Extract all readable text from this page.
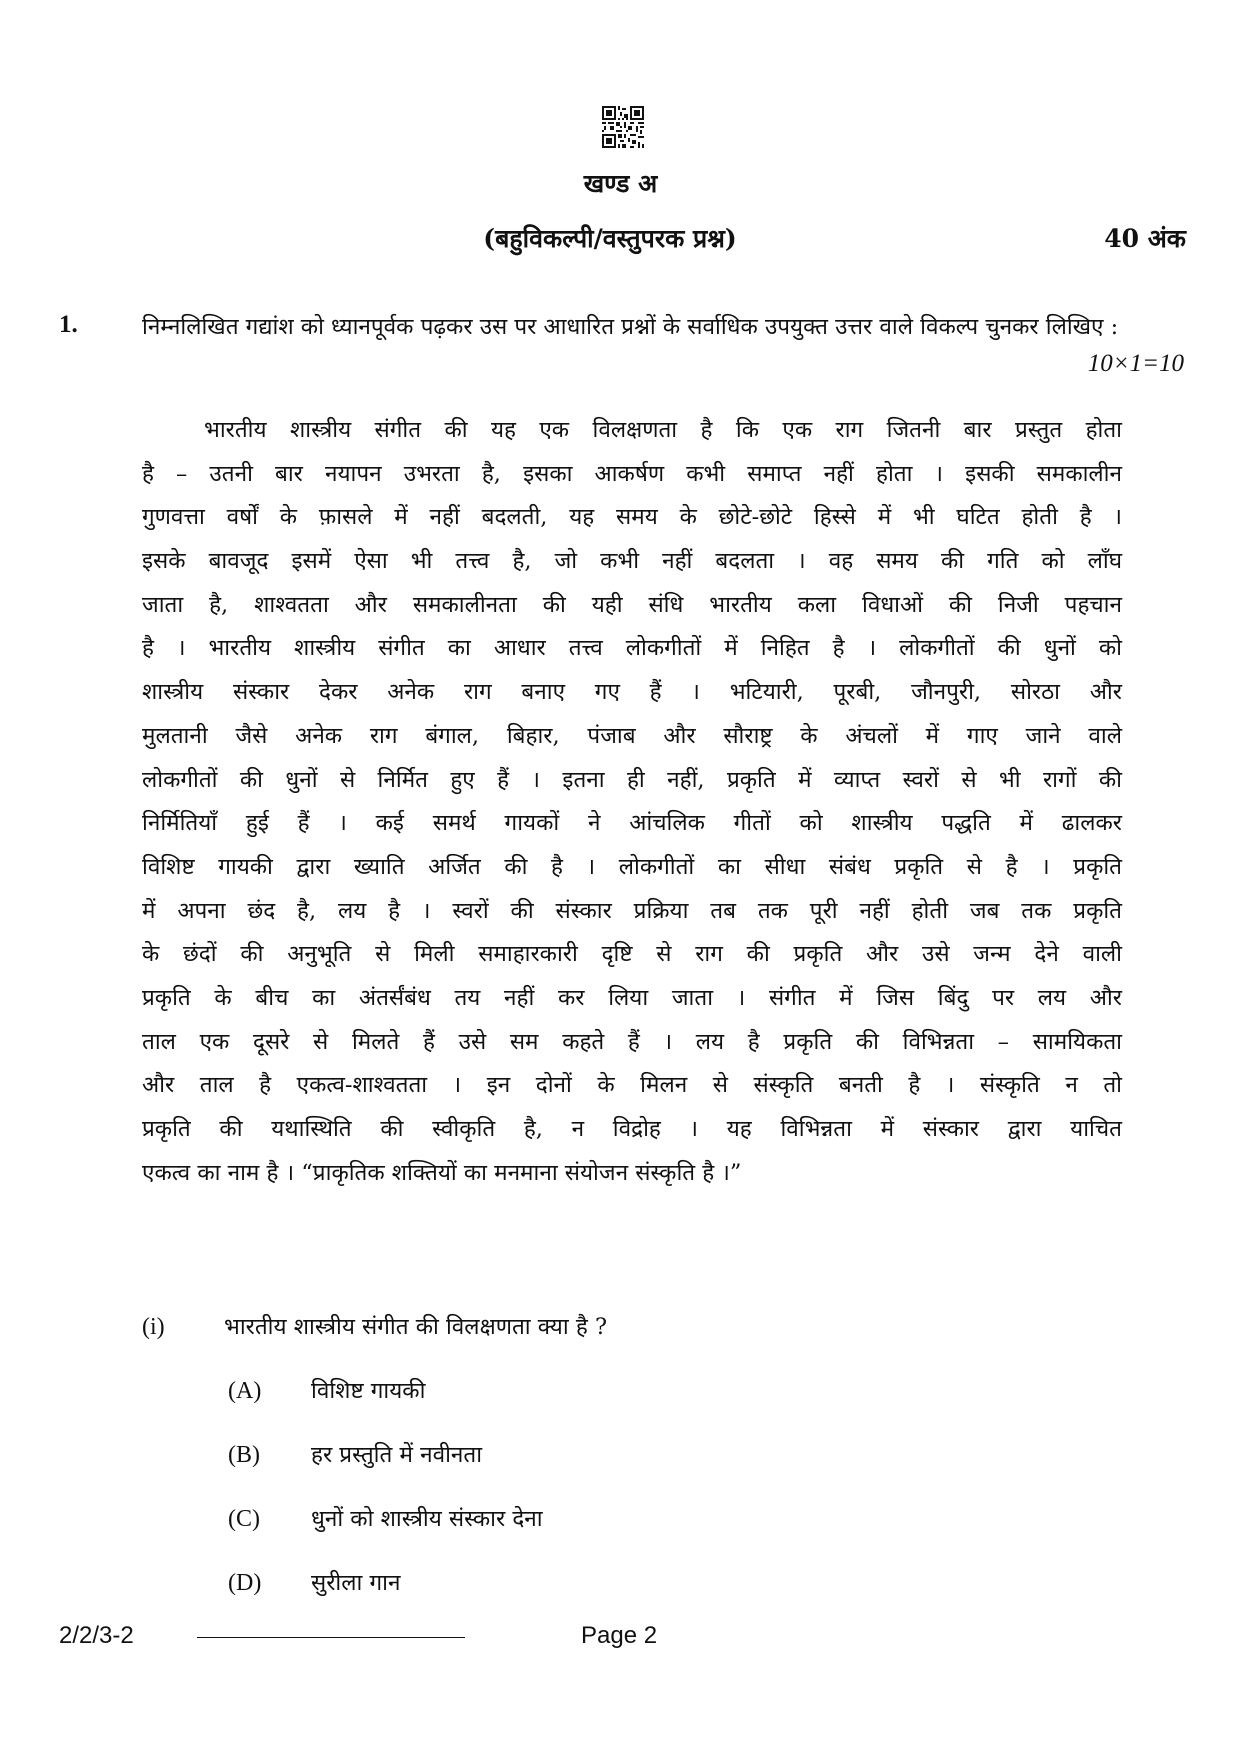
खण्ड अ
(बहुविकल्पी/वस्तुपरक प्रश्न)	40 अंक
1.	निम्नलिखित गद्यांश को ध्यानपूर्वक पढ़कर उस पर आधारित प्रश्नों के सर्वाधिक उपयुक्त उत्तर वाले विकल्प चुनकर लिखिए :
10×1=10
भारतीय शास्त्रीय संगीत की यह एक विलक्षणता है कि एक राग जितनी बार प्रस्तुत होता
है – उतनी बार नयापन उभरता है, इसका आकर्षण कभी समाप्त नहीं होता । इसकी समकालीन
गुणवत्ता वर्षों के फ़ासले में नहीं बदलती, यह समय के छोटे-छोटे हिस्से में भी घटित होती है ।
इसके बावजूद इसमें ऐसा भी तत्त्व है, जो कभी नहीं बदलता । वह समय की गति को लाँघ
जाता है, शाश्वतता और समकालीनता की यही संधि भारतीय कला विधाओं की निजी पहचान
है । भारतीय शास्त्रीय संगीत का आधार तत्त्व लोकगीतों में निहित है । लोकगीतों की धुनों को
शास्त्रीय संस्कार देकर अनेक राग बनाए गए हैं । भटियारी, पूरबी, जौनपुरी, सोरठा और
मुलतानी जैसे अनेक राग बंगाल, बिहार, पंजाब और सौराष्ट्र के अंचलों में गाए जाने वाले
लोकगीतों की धुनों से निर्मित हुए हैं । इतना ही नहीं, प्रकृति में व्याप्त स्वरों से भी रागों की
निर्मितियाँ हुई हैं । कई समर्थ गायकों ने आंचलिक गीतों को शास्त्रीय पद्धति में ढालकर
विशिष्ट गायकी द्वारा ख्याति अर्जित की है । लोकगीतों का सीधा संबंध प्रकृति से है । प्रकृति
में अपना छंद है, लय है । स्वरों की संस्कार प्रक्रिया तब तक पूरी नहीं होती जब तक प्रकृति
के छंदों की अनुभूति से मिली समाहारकारी दृष्टि से राग की प्रकृति और उसे जन्म देने वाली
प्रकृति के बीच का अंतर्संबंध तय नहीं कर लिया जाता । संगीत में जिस बिंदु पर लय और
ताल एक दूसरे से मिलते हैं उसे सम कहते हैं । लय है प्रकृति की विभिन्नता – सामयिकता
और ताल है एकत्व-शाश्वतता । इन दोनों के मिलन से संस्कृति बनती है । संस्कृति न तो
प्रकृति की यथास्थिति की स्वीकृति है, न विद्रोह । यह विभिन्नता में संस्कार द्वारा याचित
एकत्व का नाम है । “प्राकृतिक शक्तियों का मनमाना संयोजन संस्कृति है ।”
(i)	भारतीय शास्त्रीय संगीत की विलक्षणता क्या है ?
(A) विशिष्ट गायकी
(B) हर प्रस्तुति में नवीनता
(C) धुनों को शास्त्रीय संस्कार देना
(D) सुरीला गान
2/2/3-2	Page 2
